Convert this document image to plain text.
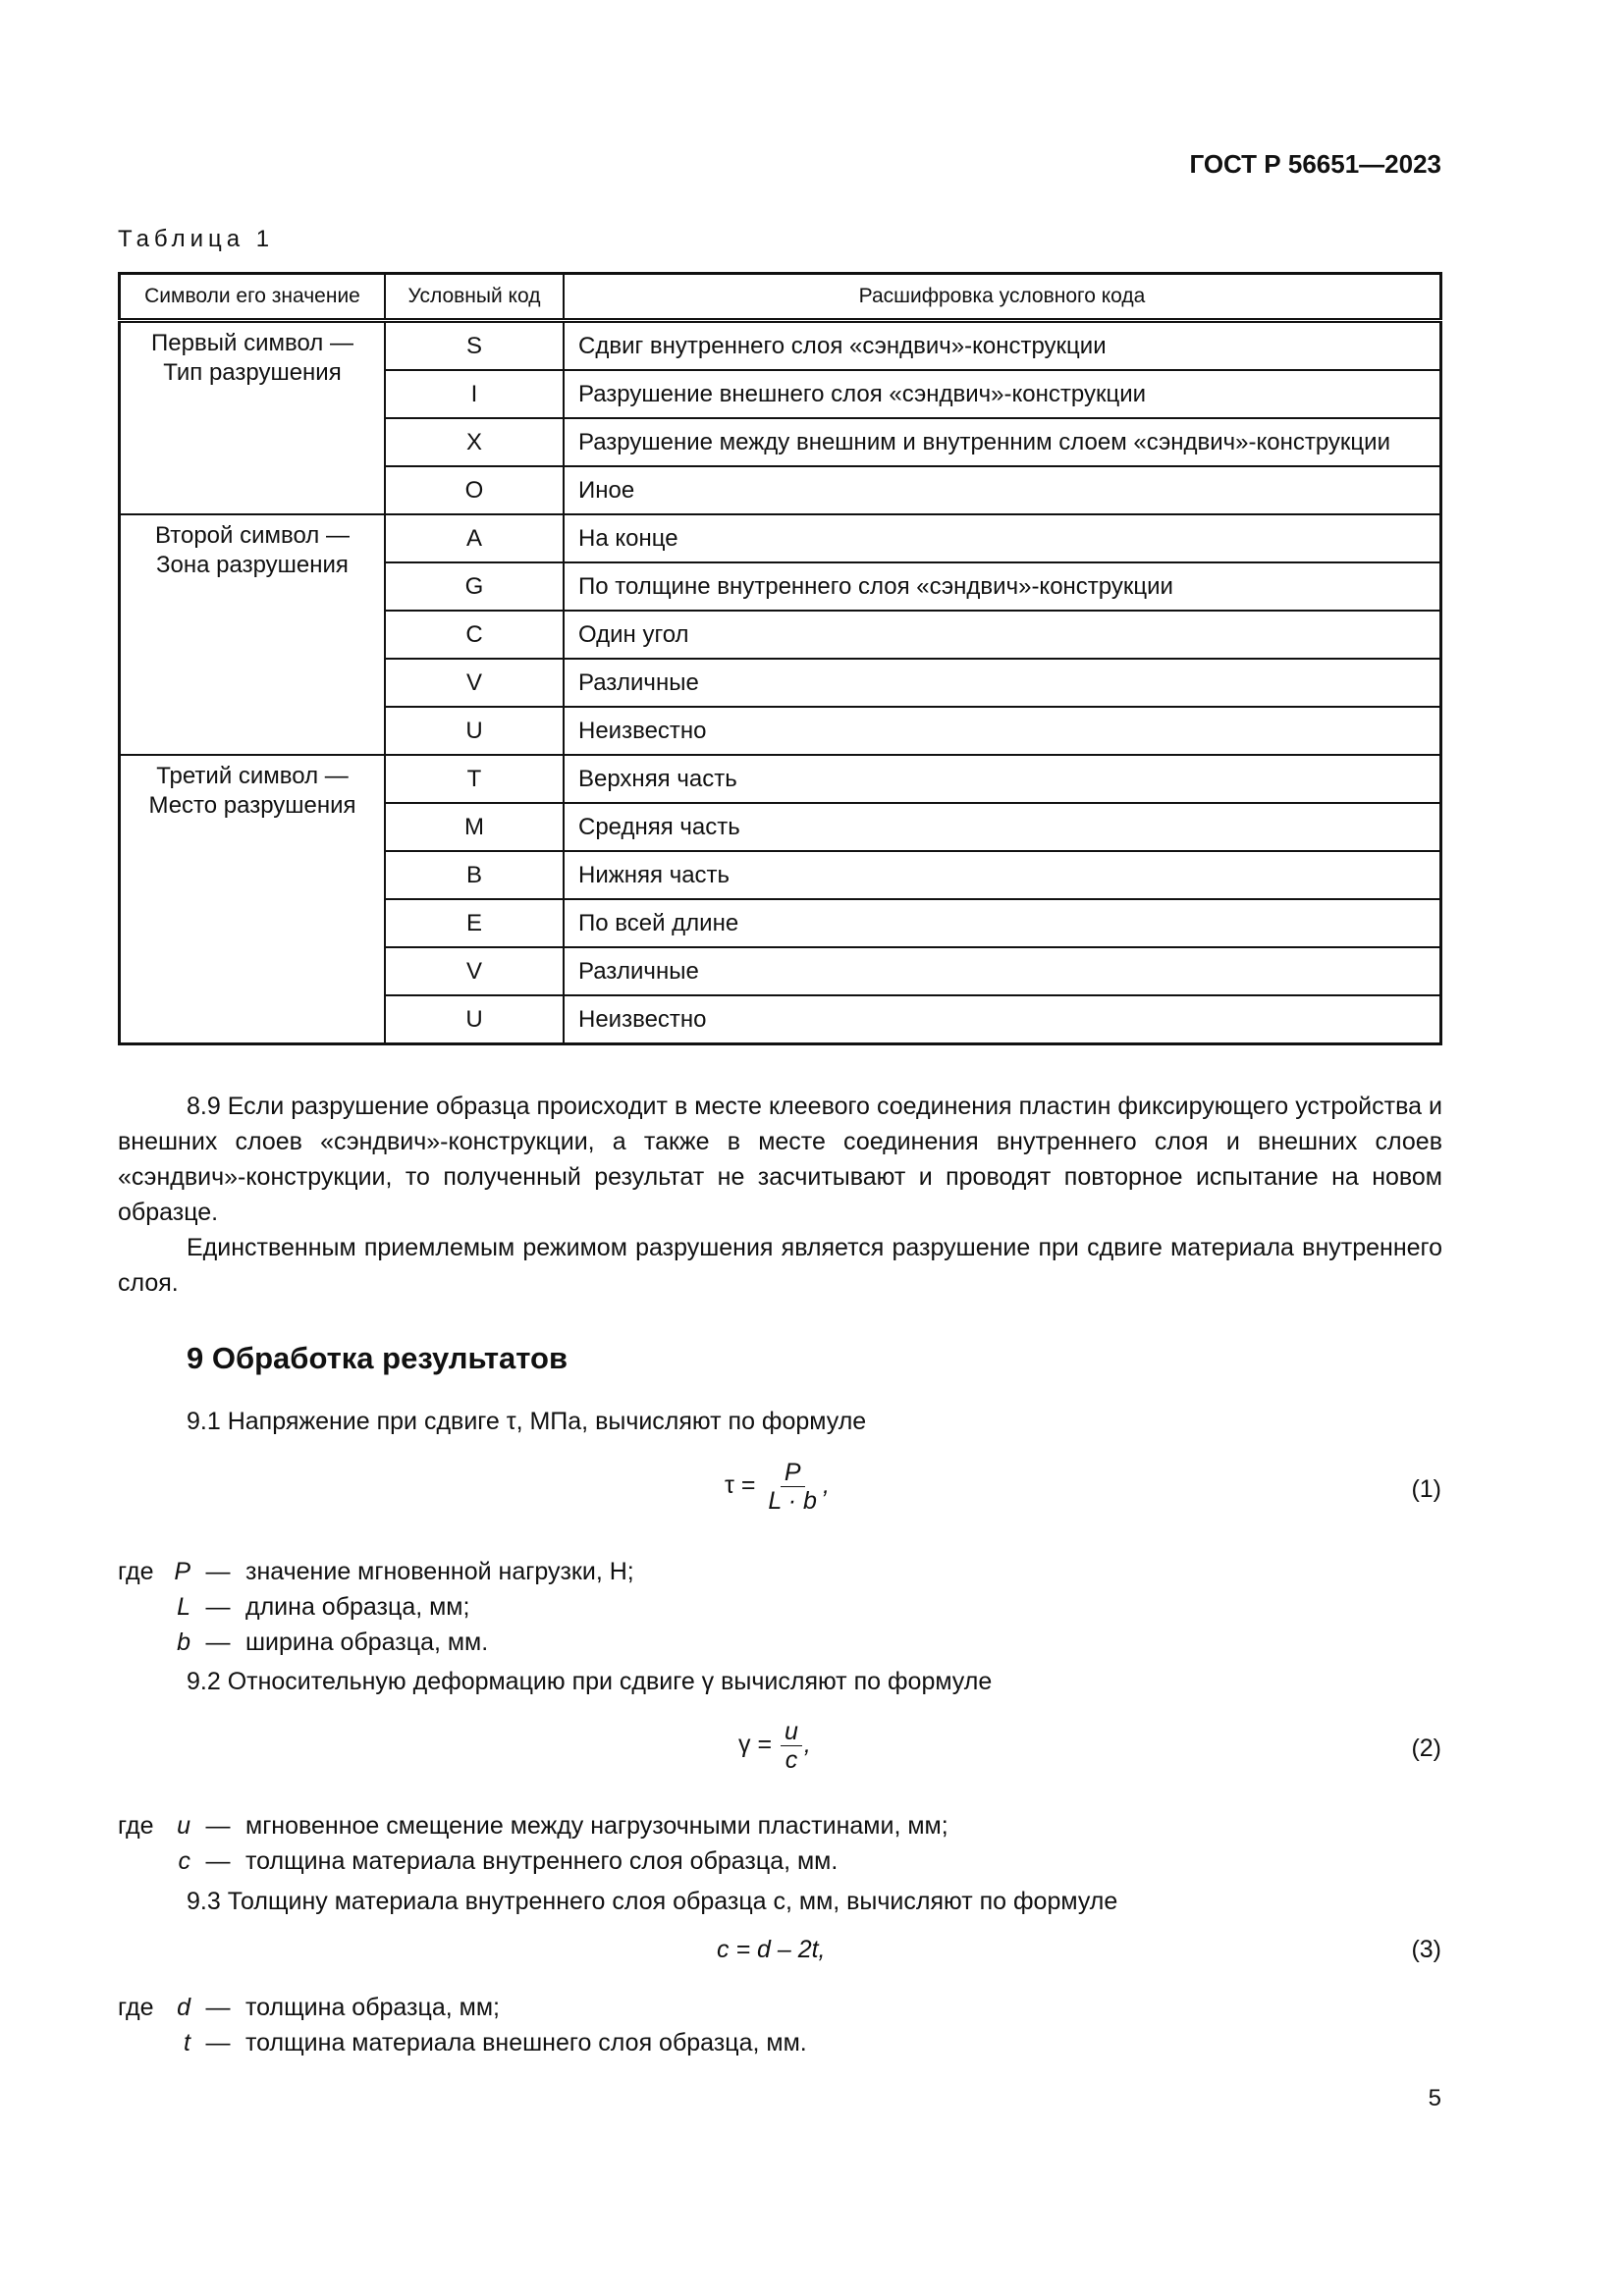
ГОСТ Р 56651—2023
Таблица 1
Символи его значение	Условный код	Расшифровка условного кода
Первый символ — Тип разрушения	S	Сдвиг внутреннего слоя «сэндвич»-конструкции
	I	Разрушение внешнего слоя «сэндвич»-конструкции
	X	Разрушение между внешним и внутренним слоем «сэндвич»-конструкции
	O	Иное
Второй символ — Зона разрушения	A	На конце
	G	По толщине внутреннего слоя «сэндвич»-конструкции
	C	Один угол
	V	Различные
	U	Неизвестно
Третий символ — Место разрушения	T	Верхняя часть
	M	Средняя часть
	B	Нижняя часть
	E	По всей длине
	V	Различные
	U	Неизвестно

8.9 Если разрушение образца происходит в месте клеевого соединения пластин фиксирующего устройства и внешних слоев «сэндвич»-конструкции, а также в месте соединения внутреннего слоя и внешних слоев «сэндвич»-конструкции, то полученный результат не засчитывают и проводят повторное испытание на новом образце.

Единственным приемлемым режимом разрушения является разрушение при сдвиге материала внутреннего слоя.

9 Обработка результатов
9.1 Напряжение при сдвиге τ, МПа, вычисляют по формуле
$\tau = \frac{P}{L \cdot b}$ ,	(1)
где P — значение мгновенной нагрузки, Н;
L — длина образца, мм;
b — ширина образца, мм.
9.2 Относительную деформацию при сдвиге γ вычисляют по формуле
$\gamma = \frac{u}{c}$ ,	(2)
где u — мгновенное смещение между нагрузочными пластинами, мм;
c — толщина материала внутреннего слоя образца, мм.
9.3 Толщину материала внутреннего слоя образца c, мм, вычисляют по формуле
c = d – 2t,	(3)
где d — толщина образца, мм;
t — толщина материала внешнего слоя образца, мм.
5
